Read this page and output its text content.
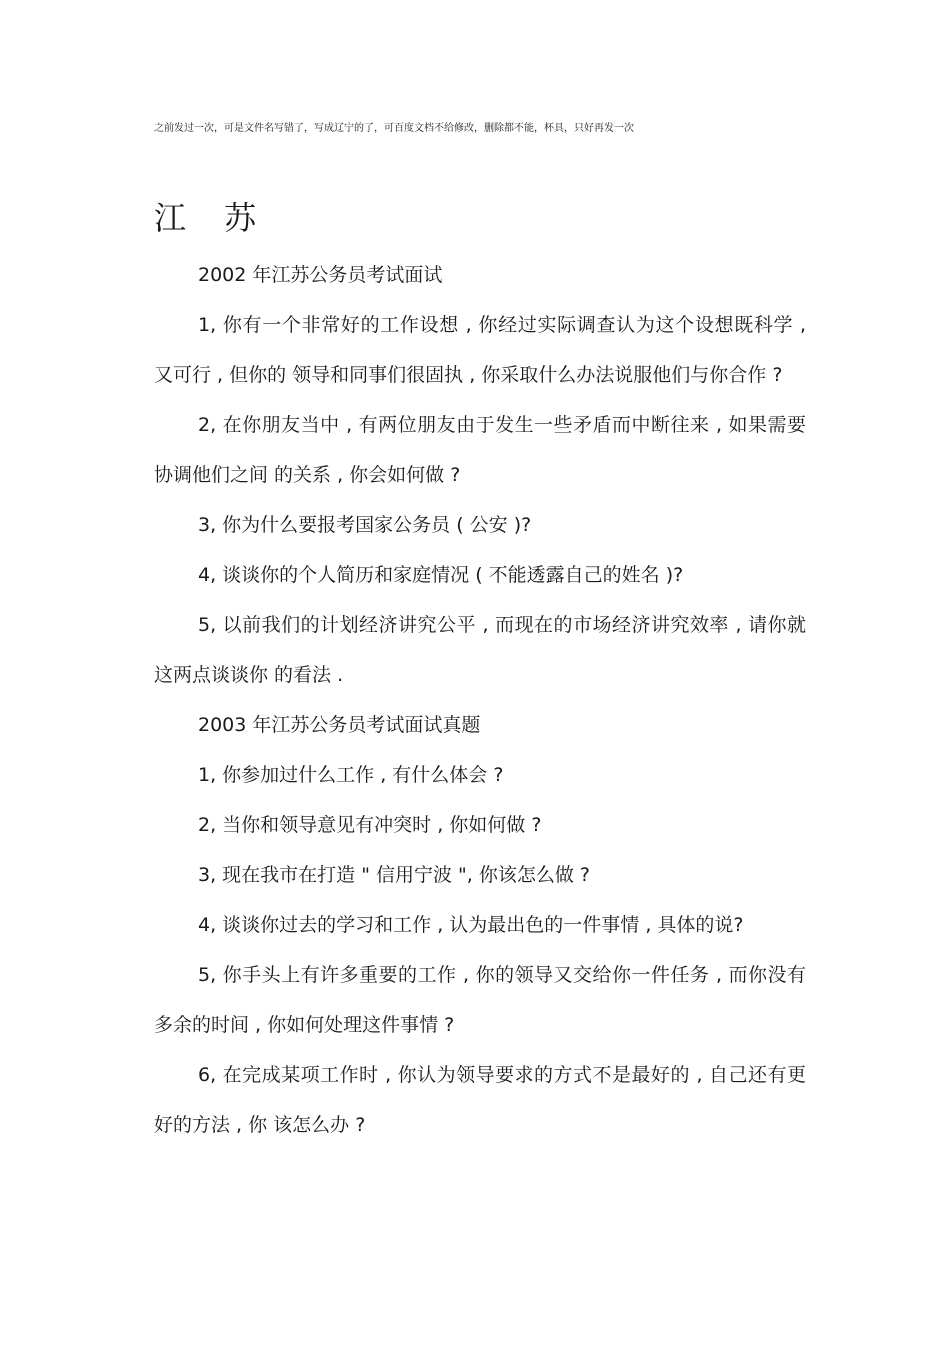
之前发过一次，可是文件名写错了，写成辽宁的了，可百度文档不给修改，删除都不能，杯具，只好再发一次
江 苏

2002 年江苏公务员考试面试

1, 你有一个非常好的工作设想 , 你经过实际调查认为这个设想既科学 , 又可行 , 但你的 领导和同事们很固执 , 你采取什么办法说服他们与你合作 ?

2, 在你朋友当中 , 有两位朋友由于发生一些矛盾而中断往来 , 如果需要协调他们之间 的关系 , 你会如何做 ?

3, 你为什么要报考国家公务员 ( 公安 )?

4, 谈谈你的个人简历和家庭情况 ( 不能透露自己的姓名 )?

5, 以前我们的计划经济讲究公平 , 而现在的市场经济讲究效率 , 请你就这两点谈谈你 的看法 .

2003 年江苏公务员考试面试真题

1, 你参加过什么工作 , 有什么体会 ?

2, 当你和领导意见有冲突时 , 你如何做 ?

3, 现在我市在打造 " 信用宁波 ", 你该怎么做 ?

4, 谈谈你过去的学习和工作 , 认为最出色的一件事情 , 具体的说?

5, 你手头上有许多重要的工作 , 你的领导又交给你一件任务 , 而你没有多余的时间 , 你如何处理这件事情 ?

6, 在完成某项工作时 , 你认为领导要求的方式不是最好的 , 自己还有更好的方法 , 你 该怎么办 ?
